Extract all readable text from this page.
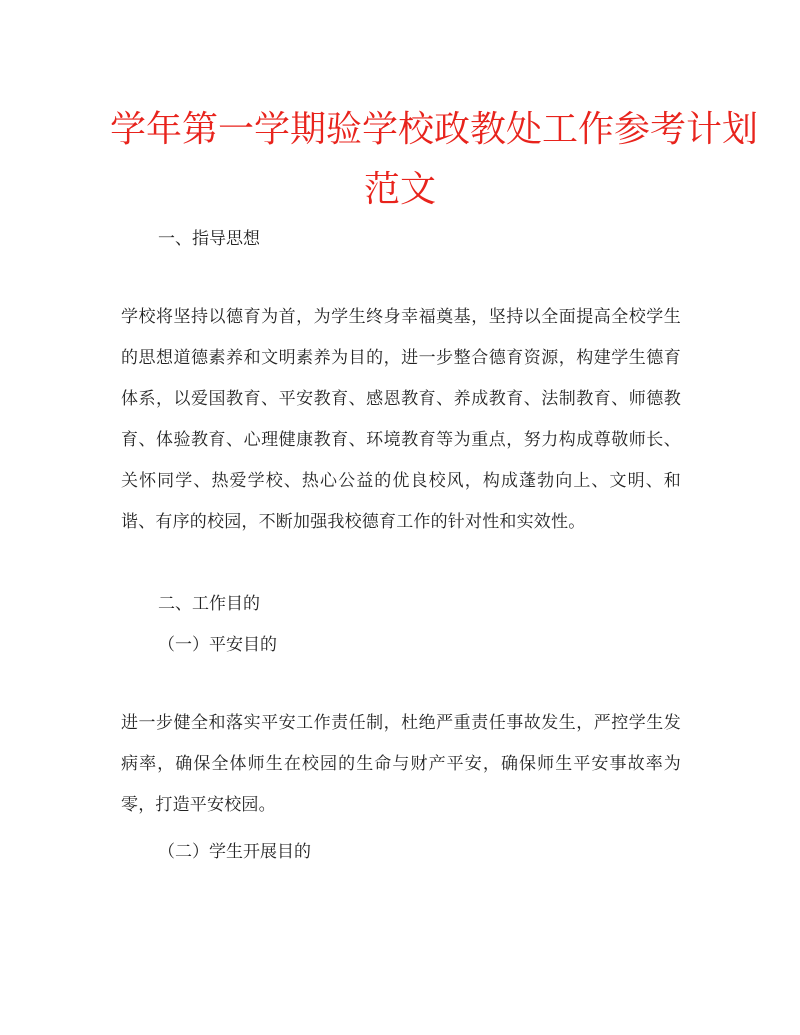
学年第一学期验学校政教处工作参考计划
范文

一、指导思想

学校将坚持以德育为首，为学生终身幸福奠基，坚持以全面提高全校学生的思想道德素养和文明素养为目的，进一步整合德育资源，构建学生德育体系，以爱国教育、平安教育、感恩教育、养成教育、法制教育、师德教育、体验教育、心理健康教育、环境教育等为重点，努力构成尊敬师长、关怀同学、热爱学校、热心公益的优良校风，构成蓬勃向上、文明、和谐、有序的校园，不断加强我校德育工作的针对性和实效性。

二、工作目的

（一）平安目的

进一步健全和落实平安工作责任制，杜绝严重责任事故发生，严控学生发病率，确保全体师生在校园的生命与财产平安，确保师生平安事故率为零，打造平安校园。

（二）学生开展目的
